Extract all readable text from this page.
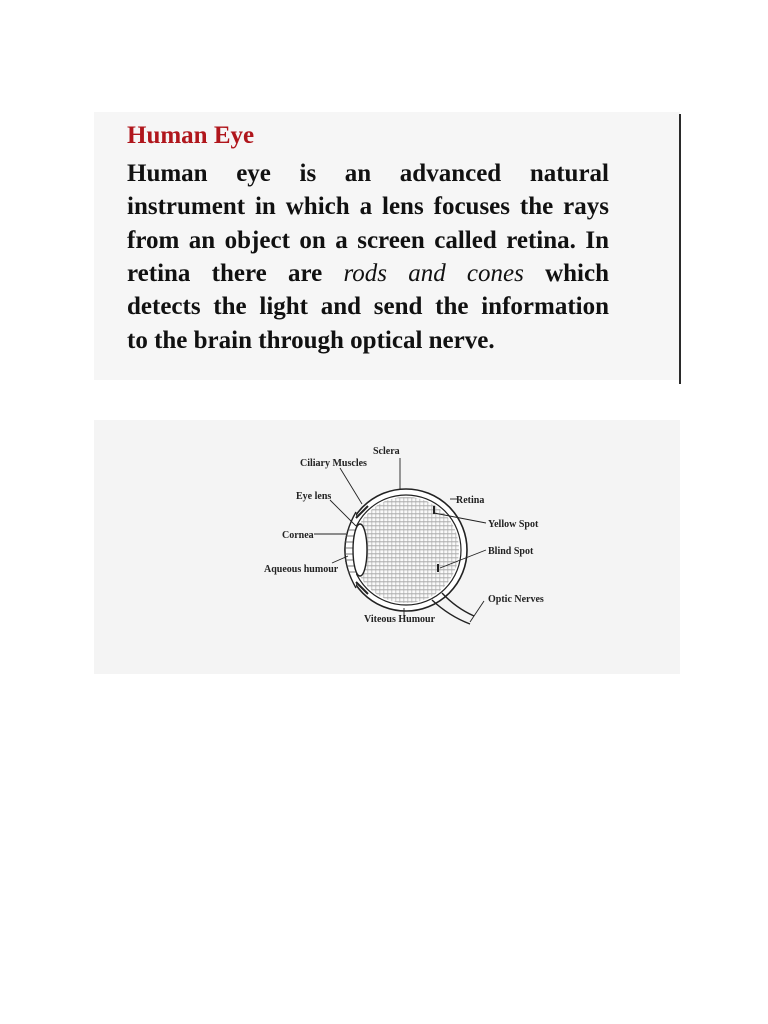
Human Eye

Human eye is an advanced natural

instrument in which a lens focuses the rays

from an object on a screen called retina. In

retina there are rods and cones which

detects the light and send the information

to the brain through optical nerve.

Sclera
Ciliary Muscles
Eye lens
Cornea
Aqueous humour
Viteous Humour
Retina
Yellow Spot
Blind Spot
Optic Nerves
